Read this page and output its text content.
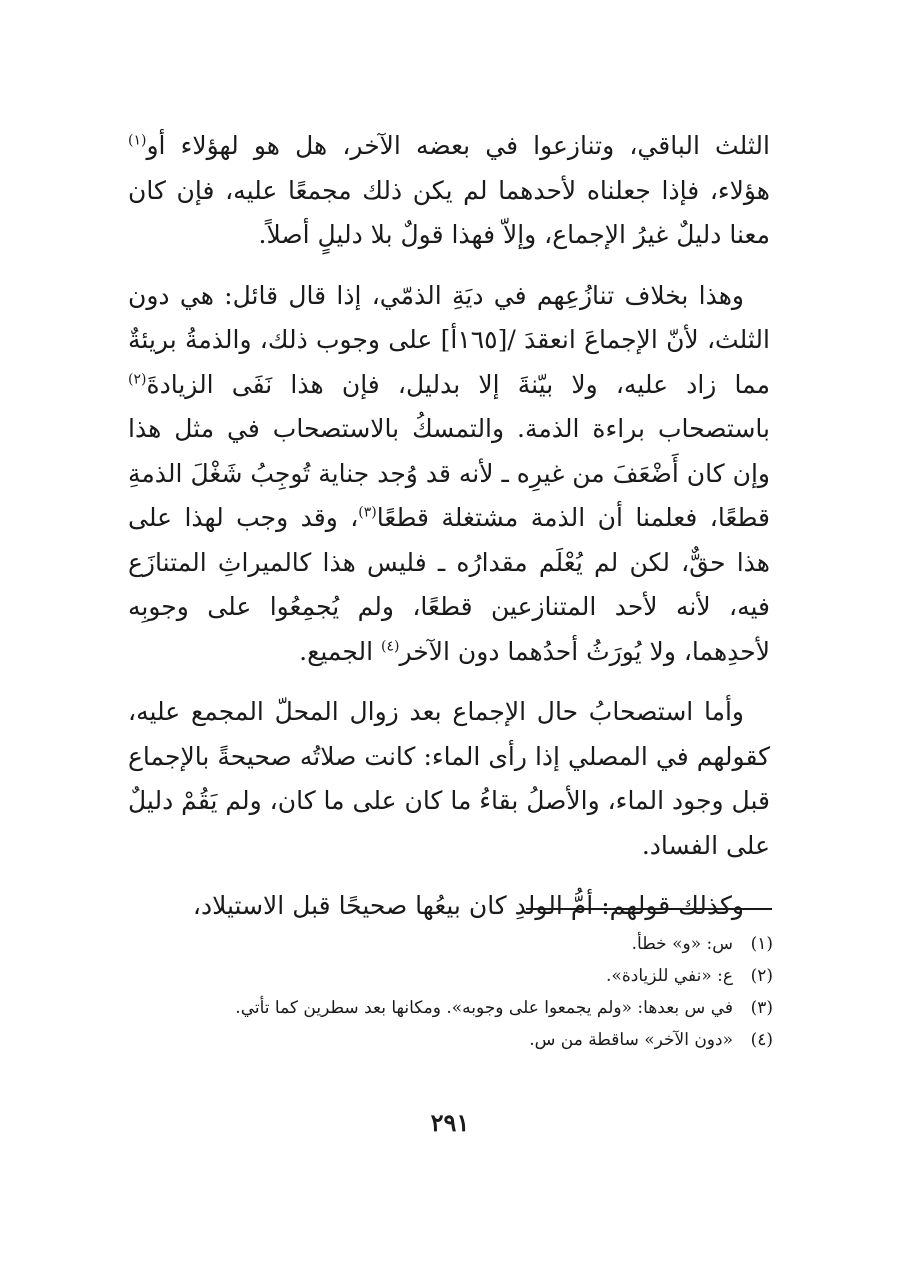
الثلث الباقي، وتنازعوا في بعضه الآخر، هل هو لهؤلاء أو$^{(١)}$ هؤلاء، فإذا جعلناه لأحدهما لم يكن ذلك مجمعًا عليه، فإن كان معنا دليلٌ غيرُ الإجماع، وإلاّ فهذا قولٌ بلا دليلٍ أصلاً.

وهذا بخلاف تنازُعِهم في ديَةِ الذمّي، إذا قال قائل: هي دون الثلث، لأنّ الإجماعَ انعقدَ /[١٦٥أ] على وجوب ذلك، والذمةُ بريئةٌ مما زاد عليه، ولا بيّنةَ إلا بدليل، فإن هذا نَفَى الزيادةَ$^{(٢)}$ باستصحاب براءة الذمة. والتمسكُ بالاستصحاب في مثل هذا وإن كان أَضْعَفَ من غيرِه ـ لأنه قد وُجد جناية تُوجِبُ شَغْلَ الذمةِ قطعًا، فعلمنا أن الذمة مشتغلة قطعًا$^{(٣)}$، وقد وجب لهذا على هذا حقٌّ، لكن لم يُعْلَم مقدارُه ـ فليس هذا كالميراثِ المتنازَع فيه، لأنه لأحد المتنازعين قطعًا، ولم يُجمِعُوا على وجوبِه لأحدِهما، ولا يُورَثُ أحدُهما دون الآخر$^{(٤)}$ الجميع.

وأما استصحابُ حال الإجماع بعد زوال المحلّ المجمع عليه، كقولهم في المصلي إذا رأى الماء: كانت صلاتُه صحيحةً بالإجماع قبل وجود الماء، والأصلُ بقاءُ ما كان على ما كان، ولم يَقُمْ دليلٌ على الفساد.

وكذلك قولهم: أمُّ الولدِ كان بيعُها صحيحًا قبل الاستيلاد،

(١)
س: «و» خطأ.
(٢)
ع: «نفي للزيادة».
(٣)
في س بعدها: «ولم يجمعوا على وجوبه». ومكانها بعد سطرين كما تأتي.
(٤)
«دون الآخر» ساقطة من س.
٢٩١
